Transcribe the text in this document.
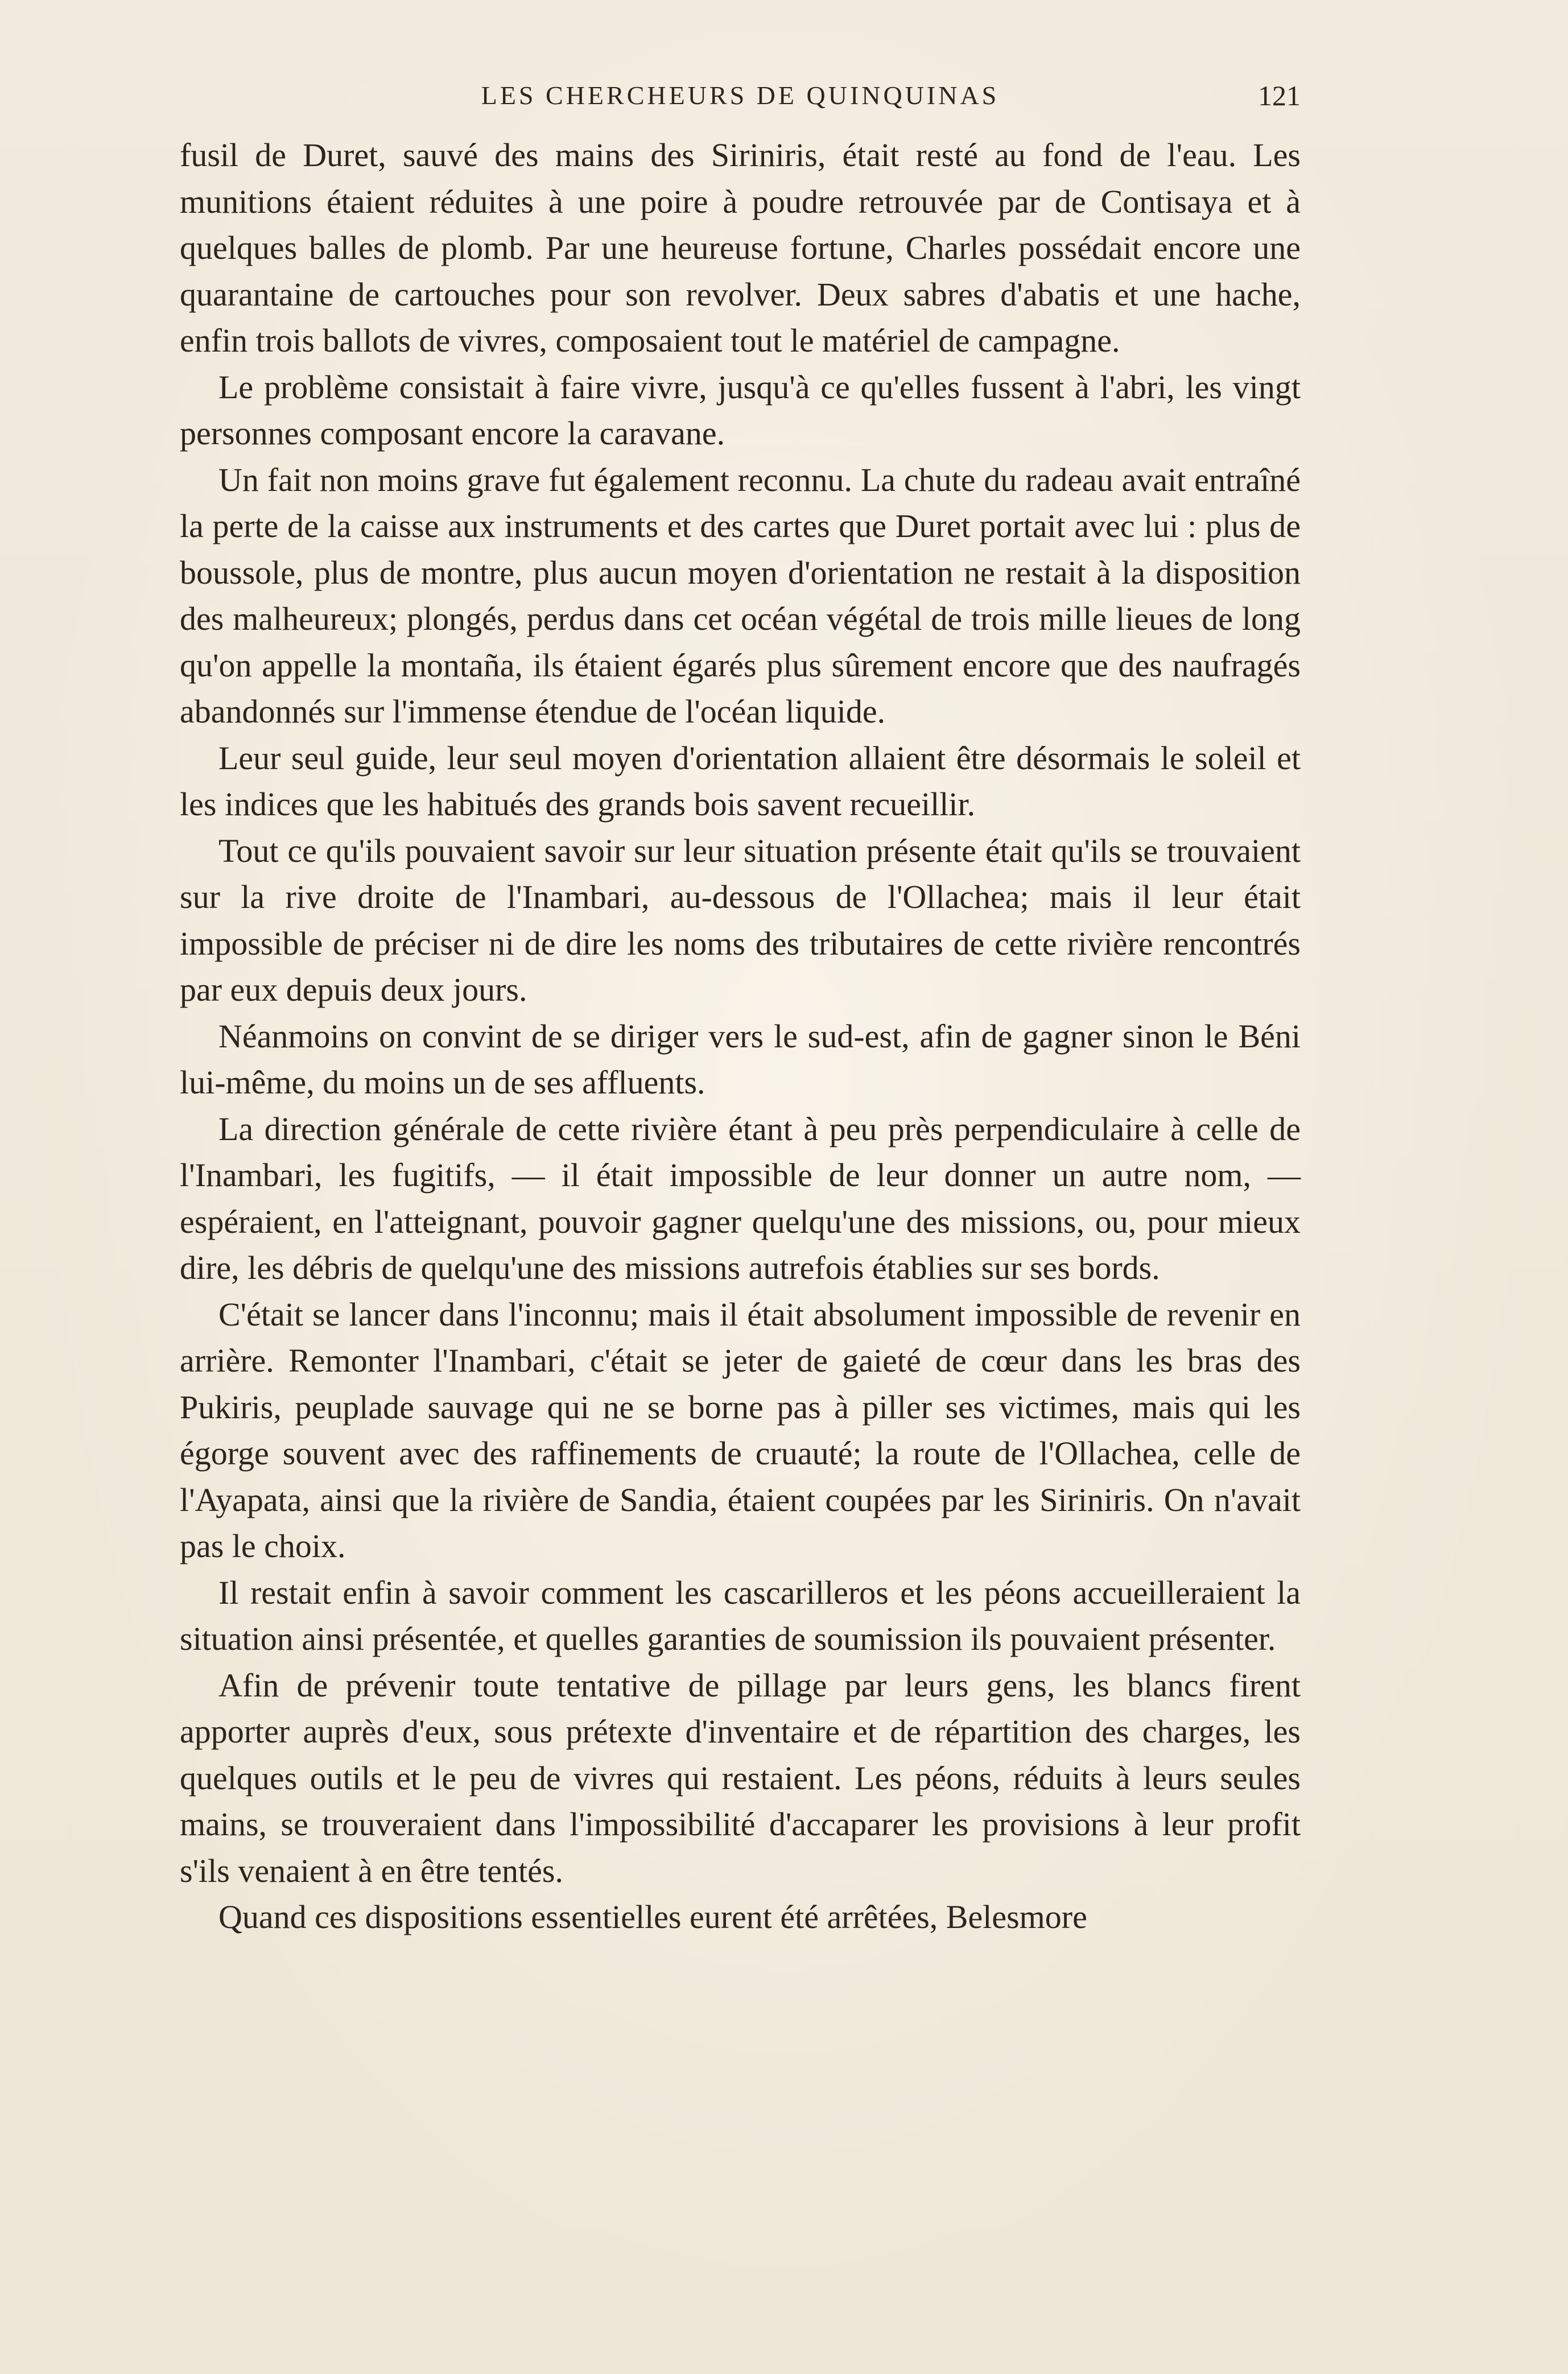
LES CHERCHEURS DE QUINQUINAS	121

fusil de Duret, sauvé des mains des Siriniris, était resté au fond de l'eau. Les munitions étaient réduites à une poire à poudre retrouvée par de Contisaya et à quelques balles de plomb. Par une heureuse fortune, Charles possédait encore une quarantaine de cartouches pour son revolver. Deux sabres d'abatis et une hache, enfin trois ballots de vivres, composaient tout le matériel de campagne.

Le problème consistait à faire vivre, jusqu'à ce qu'elles fussent à l'abri, les vingt personnes composant encore la caravane.

Un fait non moins grave fut également reconnu. La chute du radeau avait entraîné la perte de la caisse aux instruments et des cartes que Duret portait avec lui : plus de boussole, plus de montre, plus aucun moyen d'orientation ne restait à la disposition des malheureux; plongés, perdus dans cet océan végétal de trois mille lieues de long qu'on appelle la montaña, ils étaient égarés plus sûrement encore que des naufragés abandonnés sur l'immense étendue de l'océan liquide.

Leur seul guide, leur seul moyen d'orientation allaient être désormais le soleil et les indices que les habitués des grands bois savent recueillir.

Tout ce qu'ils pouvaient savoir sur leur situation présente était qu'ils se trouvaient sur la rive droite de l'Inambari, au-dessous de l'Ollachea; mais il leur était impossible de préciser ni de dire les noms des tributaires de cette rivière rencontrés par eux depuis deux jours.

Néanmoins on convint de se diriger vers le sud-est, afin de gagner sinon le Béni lui-même, du moins un de ses affluents.

La direction générale de cette rivière étant à peu près perpendiculaire à celle de l'Inambari, les fugitifs, — il était impossible de leur donner un autre nom, — espéraient, en l'atteignant, pouvoir gagner quelqu'une des missions, ou, pour mieux dire, les débris de quelqu'une des missions autrefois établies sur ses bords.

C'était se lancer dans l'inconnu; mais il était absolument impossible de revenir en arrière. Remonter l'Inambari, c'était se jeter de gaieté de cœur dans les bras des Pukiris, peuplade sauvage qui ne se borne pas à piller ses victimes, mais qui les égorge souvent avec des raffinements de cruauté; la route de l'Ollachea, celle de l'Ayapata, ainsi que la rivière de Sandia, étaient coupées par les Siriniris. On n'avait pas le choix.

Il restait enfin à savoir comment les cascarilleros et les péons accueilleraient la situation ainsi présentée, et quelles garanties de soumission ils pouvaient présenter.

Afin de prévenir toute tentative de pillage par leurs gens, les blancs firent apporter auprès d'eux, sous prétexte d'inventaire et de répartition des charges, les quelques outils et le peu de vivres qui restaient. Les péons, réduits à leurs seules mains, se trouveraient dans l'impossibilité d'accaparer les provisions à leur profit s'ils venaient à en être tentés.

Quand ces dispositions essentielles eurent été arrêtées, Belesmore
